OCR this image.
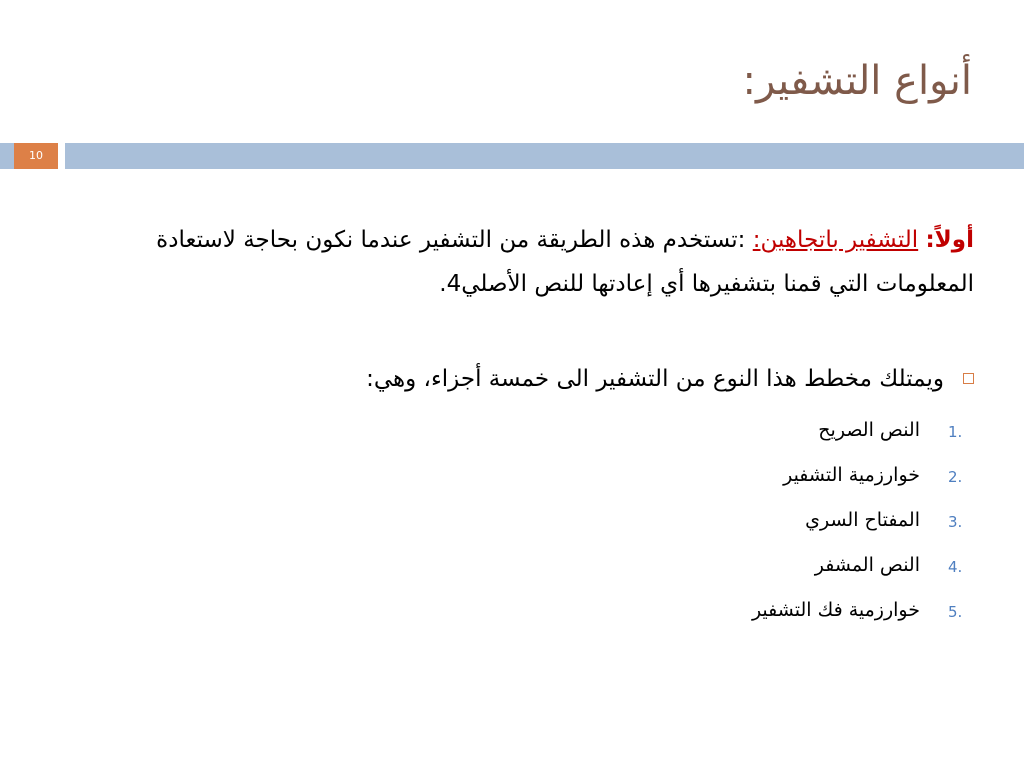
أنواع التشفير:
10
أولاً: التشفير باتجاهين: :تستخدم هذه الطريقة من التشفير عندما نكون بحاجة لاستعادة المعلومات التي قمنا بتشفيرها أي إعادتها للنص الأصلي4.
ويمتلك مخطط هذا النوع من التشفير الى خمسة أجزاء، وهي:
1.
النص الصريح
2.
خوارزمية التشفير
3.
المفتاح السري
4.
النص المشفر
5.
خوارزمية فك التشفير
